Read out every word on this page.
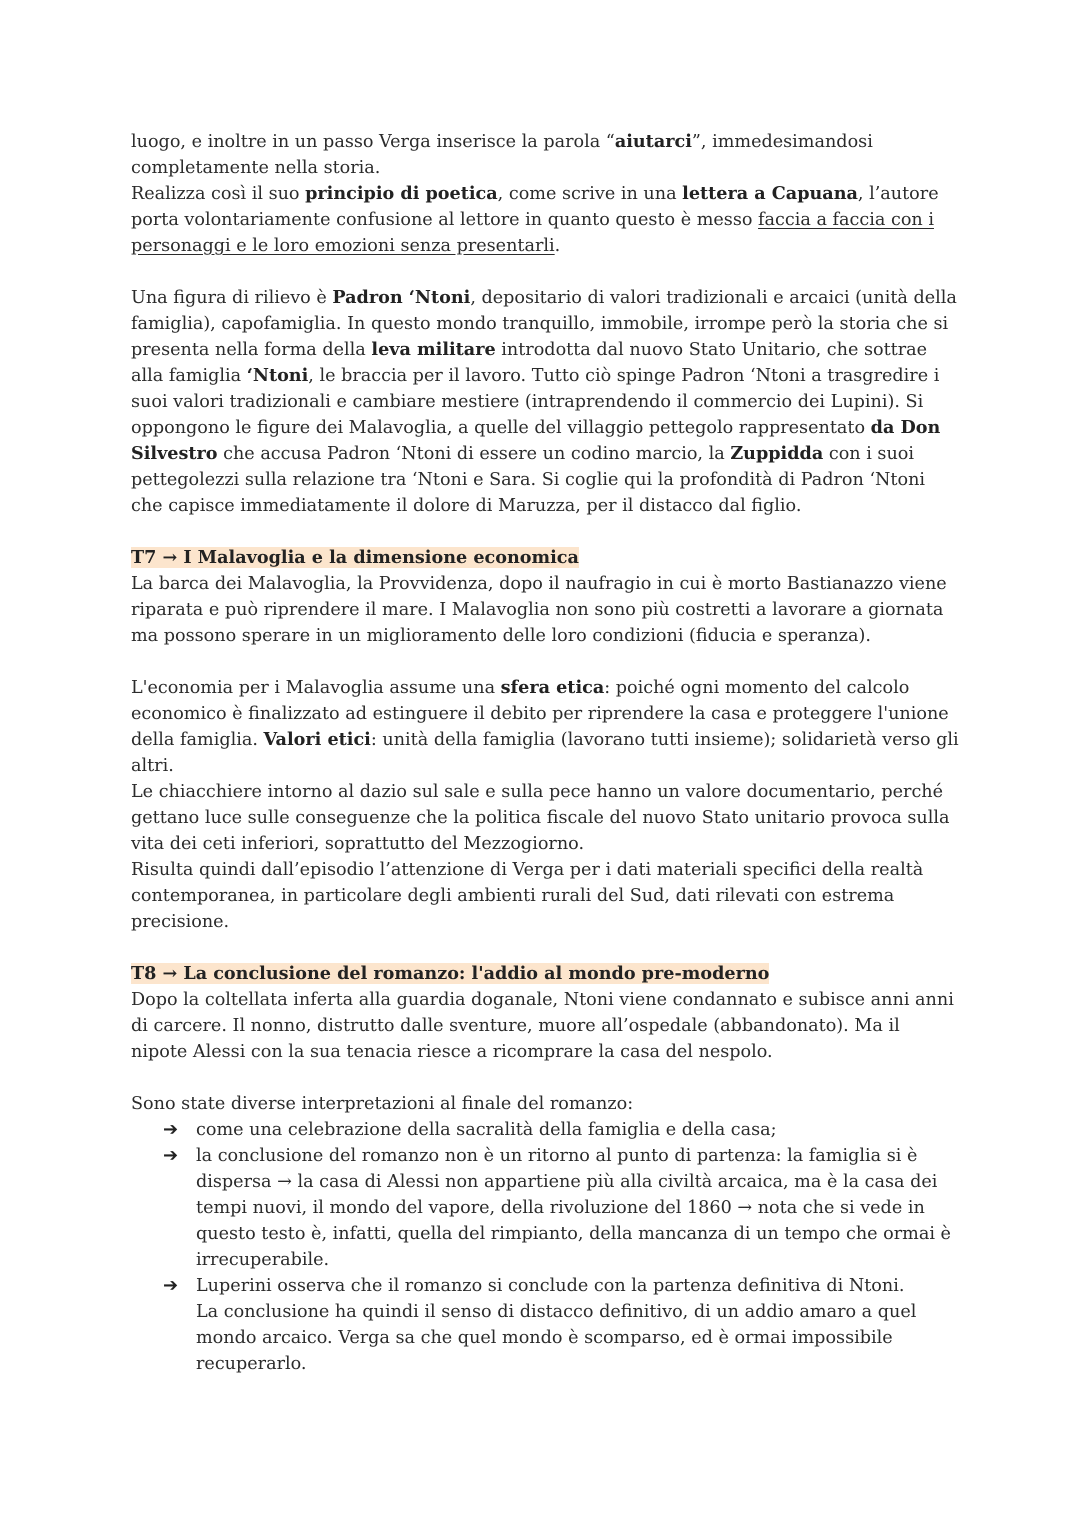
luogo, e inoltre in un passo Verga inserisce la parola “aiutarci”, immedesimandosi completamente nella storia.

Realizza così il suo principio di poetica, come scrive in una lettera a Capuana, l’autore porta volontariamente confusione al lettore in quanto questo è messo faccia a faccia con i personaggi e le loro emozioni senza presentarli.

Una figura di rilievo è Padron ‘Ntoni, depositario di valori tradizionali e arcaici (unità della famiglia), capofamiglia. In questo mondo tranquillo, immobile, irrompe però la storia che si presenta nella forma della leva militare introdotta dal nuovo Stato Unitario, che sottrae alla famiglia ‘Ntoni, le braccia per il lavoro. Tutto ciò spinge Padron ‘Ntoni a trasgredire i suoi valori tradizionali e cambiare mestiere (intraprendendo il commercio dei Lupini). Si oppongono le figure dei Malavoglia, a quelle del villaggio pettegolo rappresentato da Don Silvestro che accusa Padron ‘Ntoni di essere un codino marcio, la Zuppidda con i suoi pettegolezzi sulla relazione tra ‘Ntoni e Sara. Si coglie qui la profondità di Padron ‘Ntoni che capisce immediatamente il dolore di Maruzza, per il distacco dal figlio.

T7 → I Malavoglia e la dimensione economica

La barca dei Malavoglia, la Provvidenza, dopo il naufragio in cui è morto Bastianazzo viene riparata e può riprendere il mare. I Malavoglia non sono più costretti a lavorare a giornata ma possono sperare in un miglioramento delle loro condizioni (fiducia e speranza).

L'economia per i Malavoglia assume una sfera etica: poiché ogni momento del calcolo economico è finalizzato ad estinguere il debito per riprendere la casa e proteggere l'unione della famiglia. Valori etici: unità della famiglia (lavorano tutti insieme); solidarietà verso gli altri.

Le chiacchiere intorno al dazio sul sale e sulla pece hanno un valore documentario, perché gettano luce sulle conseguenze che la politica fiscale del nuovo Stato unitario provoca sulla vita dei ceti inferiori, soprattutto del Mezzogiorno.

Risulta quindi dall’episodio l’attenzione di Verga per i dati materiali specifici della realtà contemporanea, in particolare degli ambienti rurali del Sud, dati rilevati con estrema precisione.

T8 → La conclusione del romanzo: l'addio al mondo pre-moderno

Dopo la coltellata inferta alla guardia doganale, Ntoni viene condannato e subisce anni anni di carcere. Il nonno, distrutto dalle sventure, muore all’ospedale (abbandonato). Ma il nipote Alessi con la sua tenacia riesce a ricomprare la casa del nespolo.

Sono state diverse interpretazioni al finale del romanzo:

➔ come una celebrazione della sacralità della famiglia e della casa;
➔ la conclusione del romanzo non è un ritorno al punto di partenza: la famiglia si è dispersa → la casa di Alessi non appartiene più alla civiltà arcaica, ma è la casa dei tempi nuovi, il mondo del vapore, della rivoluzione del 1860 → nota che si vede in questo testo è, infatti, quella del rimpianto, della mancanza di un tempo che ormai è irrecuperabile.
➔ Luperini osserva che il romanzo si conclude con la partenza definitiva di Ntoni.
La conclusione ha quindi il senso di distacco definitivo, di un addio amaro a quel mondo arcaico. Verga sa che quel mondo è scomparso, ed è ormai impossibile recuperarlo.
